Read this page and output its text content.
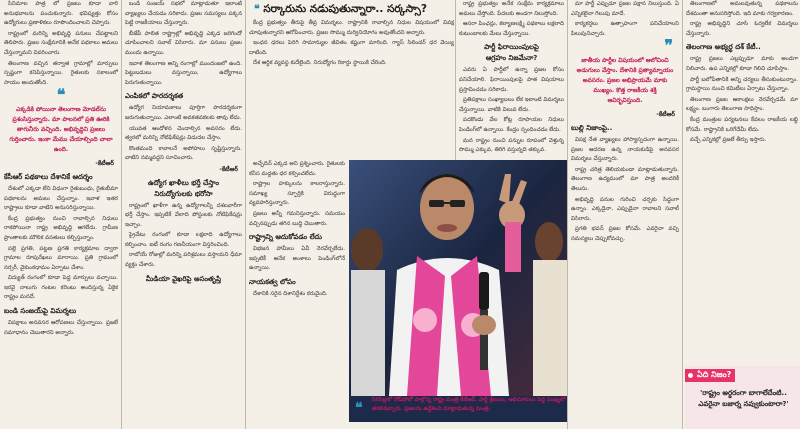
సినిమాల పాత్ర లో ప్రజలు కూడా వారి అనుభవాలను పంచుకున్నారు. భవిష్యత్తు కోసం ఉద్యోగులు ప్రణాళికలు రూపొందించాలని చెప్పారు.

రాష్ట్రంలో మరిన్ని అభివృద్ధి పనులు చేపట్టాలని తెలిపారు. ప్రజల సంక్షేమానికి అనేక పథకాలు అమలు చేస్తున్నామని వివరించారు.

తెలంగాణ వచ్చిన తర్వాత గ్రామాల్లో మార్పులు స్పష్టంగా కనిపిస్తున్నాయి. రైతులకు సకాలంలో సాయం అందుతోంది.

❝
ఎక్కడికి పోయినా తెలంగాణ మోడల్‌ను ప్రశంసిస్తున్నారు. మా పాలనలో ప్రతి ఊరికి తాగునీరు వచ్చింది. అభివృద్ధిని ప్రజలు గుర్తించారు. ఇంకా మేము చేయాల్సింది చాలా ఉంది.
-కేటీఆర్
కేసీఆర్ పథకాలు దేశానికే ఆదర్శం

దేశంలో ఎక్కడా లేని విధంగా రైతుబంధు, రైతుబీమా పథకాలను అమలు చేస్తున్నాం. ఇవాళ ఇతర రాష్ట్రాలు కూడా వాటిని అనుసరిస్తున్నాయి.

కేంద్ర ప్రభుత్వం నుంచి రావాల్సిన నిధులు రాకపోయినా రాష్ట్ర అభివృద్ధి ఆగలేదు. గ్రామీణ ప్రాంతాలకు మౌలిక వసతులు కల్పిస్తున్నాం.

పల్లె ప్రగతి, పట్టణ ప్రగతి కార్యక్రమాల ద్వారా గ్రామాల రూపురేఖలు మారాయి. ప్రతి గ్రామంలో నర్సరీ, వైకుంఠధామం ఏర్పాటు చేశాం.

విద్యుత్ రంగంలో కూడా పెద్ద మార్పులు వచ్చాయి. ఇరవై నాలుగు గంటల కరెంటు అందిస్తున్న ఏకైక రాష్ట్రం మనదే.

బండి సంజయ్‌పై విమర్శలు

విపక్షాలు అనవసర ఆరోపణలు చేస్తున్నాయి. ప్రజలే సమాధానం చెబుతారని అన్నారు.

బండి సంజయ్ సభలో మాట్లాడుతూ ఇలాంటి వ్యాఖ్యలు చేయడం సరికాదు. ప్రజల సమస్యలు పక్కన పెట్టి రాజకీయాలు చేస్తున్నారు.

బీజేపీ పాలిత రాష్ట్రాల్లో అభివృద్ధి ఎక్కడ జరిగిందో చూపించాలని సవాల్ విసిరారు. మా పనులు ప్రజల ముందు ఉన్నాయి.

ఇవాళ తెలంగాణ అన్ని రంగాల్లో ముందంజలో ఉంది. పెట్టుబడులు వస్తున్నాయి, ఉద్యోగాలు పెరుగుతున్నాయి.

ఎంపికలో పారదర్శకత

ఉద్యోగ నియామకాలు పూర్తిగా పారదర్శకంగా జరుగుతున్నాయి. ఎలాంటి అవకతవకలకు తావు లేదు.

యువత ఆందోళన చెందాల్సిన అవసరం లేదు. త్వరలో మరిన్ని నోటిఫికేషన్లు విడుదల చేస్తాం.

కొంతమంది కావాలనే అపోహలు సృష్టిస్తున్నారు. వాటిని నమ్మవద్దని సూచించారు.

-కేటీఆర్
ఉద్యోగ ఖాళీలు భర్తీ చేస్తాం
నిరుద్యోగులకు భరోసా

రాష్ట్రంలో ఖాళీగా ఉన్న ఉద్యోగాలన్నీ దశలవారీగా భర్తీ చేస్తాం. ఇప్పటికే వేలాది పోస్టులకు నోటిఫికేషన్లు ఇచ్చాం.

ప్రైవేటు రంగంలో కూడా లక్షలాది ఉద్యోగాలు కల్పించాం. ఐటీ రంగం గణనీయంగా విస్తరించింది.

రాబోయే రోజుల్లో మరిన్ని పరిశ్రమలు వస్తాయని ధీమా వ్యక్తం చేశారు.

మీడియా వైఖరిపై అసంతృప్తి
❝ సర్కారును నడుపుతున్నారా.. సర్కస్సా?

కేంద్ర ప్రభుత్వం తీరుపై తీవ్ర విమర్శలు. రాష్ట్రానికి రావాల్సిన నిధుల విషయంలో వివక్ష చూపుతున్నారని ఆరోపించారు. ప్రజల సొమ్ము దుర్వినియోగం అవుతోందని అన్నారు.

ఇంధన ధరలు పెరిగి సామాన్యుల జీవితం కష్టంగా మారింది. గ్యాస్ సిలిండర్ ధర వెయ్యి దాటింది.

దేశ ఆర్థిక వ్యవస్థ కుదేలైంది. నిరుద్యోగం రికార్డు స్థాయికి చేరింది.

అచ్ఛేదిన్ ఎక్కడ అని ప్రశ్నించారు. రైతులకు కనీస మద్దతు ధర కల్పించలేదు.

రాష్ట్రాల హక్కులను కాలరాస్తున్నారు. సమాఖ్య స్ఫూర్తికి విరుద్ధంగా వ్యవహరిస్తున్నారు.

ప్రజలు అన్నీ గమనిస్తున్నారు. సమయం వచ్చినప్పుడు తగిన బుద్ధి చెబుతారు.

రాష్ట్రాన్ని ఆదుకోవడం లేదు

విభజన హామీలు ఏవీ నెరవేర్చలేదు. ఇప్పటికీ అనేక అంశాలు పెండింగ్‌లోనే ఉన్నాయి.

నాయకత్వ లోపం

దేశానికి సరైన దిశానిర్దేశం కరువైంది.

❝ సిరిసిల్లలో రోడ్‌షోలో పాల్గొన్న రాష్ట్ర మంత్రి కేటీఆర్. పార్టీ శ్రేణులు, అభిమానులు పెద్ద సంఖ్యలో తరలివచ్చారు. ప్రజలను ఉద్దేశించి మాట్లాడుతున్న మంత్రి.

రాష్ట్ర ప్రభుత్వం అనేక సంక్షేమ కార్యక్రమాలు అమలు చేస్తోంది. పేదలకు అండగా నిలుస్తోంది.

ఆసరా పింఛన్లు, కల్యాణలక్ష్మి పథకాలు లక్షలాది కుటుంబాలకు మేలు చేస్తున్నాయి.

పార్టీ ఫిరాయింపులపై
ఆగ్రహం నిజమేనా?

ఎవరు ఏ పార్టీలో ఉన్నా ప్రజల కోసం పనిచేయాలి. ఫిరాయింపులపై పాత విషయాలు ప్రస్తావించడం సరికాదు.

ప్రతిపక్షాలు సంఖ్యాబలం లేక ఇలాంటి విమర్శలు చేస్తున్నాయి. వాటికి విలువ లేదు.

పదకొండు వేల కోట్ల రూపాయల నిధులు పెండింగ్‌లో ఉన్నాయి. కేంద్రం స్పందించడం లేదు.

మన రాష్ట్రం నుంచి పన్నుల రూపంలో వెళ్తున్న సొమ్ము ఎక్కువ, తిరిగి వస్తున్నది తక్కువ.

మా పార్టీ ఎప్పుడూ ప్రజల పక్షాన నిలుస్తుంది. ఏ ఎన్నికలైనా గెలుపు మాదే.

కార్యకర్తలు ఉత్సాహంగా పనిచేయాలని పిలుపునిచ్చారు.

❞
జాతీయ పార్టీల విషయంలో ఆలోచించి అడుగులు వేస్తాం. దేశానికి ప్రత్యామ్నాయం అవసరం. ప్రజల అభిప్రాయమే మాకు ముఖ్యం. కొత్త రాజకీయ శక్తి ఆవిర్భవిస్తుంది.
-కేటీఆర్
బుల్లి నిజాంపై..

విపక్ష నేత వ్యాఖ్యలు హాస్యాస్పదంగా ఉన్నాయి. ప్రజల ఆదరణ ఉన్న నాయకుడిపై అనవసర విమర్శలు చేస్తున్నారు.

రాష్ట్ర చరిత్ర తెలియకుండా మాట్లాడుతున్నారు. తెలంగాణ ఉద్యమంలో మా పాత్ర అందరికీ తెలుసు.

అభివృద్ధి పనుల గురించి చర్చకు సిద్ధంగా ఉన్నాం. ఎక్కడైనా, ఎప్పుడైనా రావాలని సవాల్ విసిరారు.

ప్రగతి భవన్ ప్రజల కోసమే. ఎవరైనా వచ్చి సమస్యలు చెప్పుకోవచ్చు.

తెలంగాణలో అమలవుతున్న పథకాలను దేశమంతా అనుసరిస్తోంది. ఇది మాకు గర్వకారణం.

రాష్ట్ర అభివృద్ధిని చూసి ఓర్వలేక విమర్శలు చేస్తున్నారు.

తెలంగాణ అభ్యర్థ దశ్ కేటీ..

రాష్ట్ర ప్రజలు ఎల్లప్పుడూ మాకు అండగా నిలిచారు. ఉప ఎన్నికల్లో కూడా గెలిచి చూపిస్తాం.

పార్టీ బలోపేతానికి అన్ని చర్యలు తీసుకుంటున్నాం. గ్రామస్థాయి నుంచి కమిటీలు ఏర్పాటు చేస్తున్నాం.

తెలంగాణ ప్రజల ఆకాంక్షలు నెరవేర్చడమే మా లక్ష్యం. బంగారు తెలంగాణ సాధిస్తాం.

కేంద్ర మంత్రుల పర్యటనలు కేవలం రాజకీయ లబ్ధి కోసమే. రాష్ట్రానికి ఒరిగేదేమీ లేదు.

వచ్చే ఎన్నికల్లో ప్రజలే తీర్పు ఇస్తారు.

ఏది నిజం?
'రాష్ట్రం అర్థరంగా బాగాలేదేంటి.. ఎవరైనా బజార్న నవ్వుకుంటారా?'
